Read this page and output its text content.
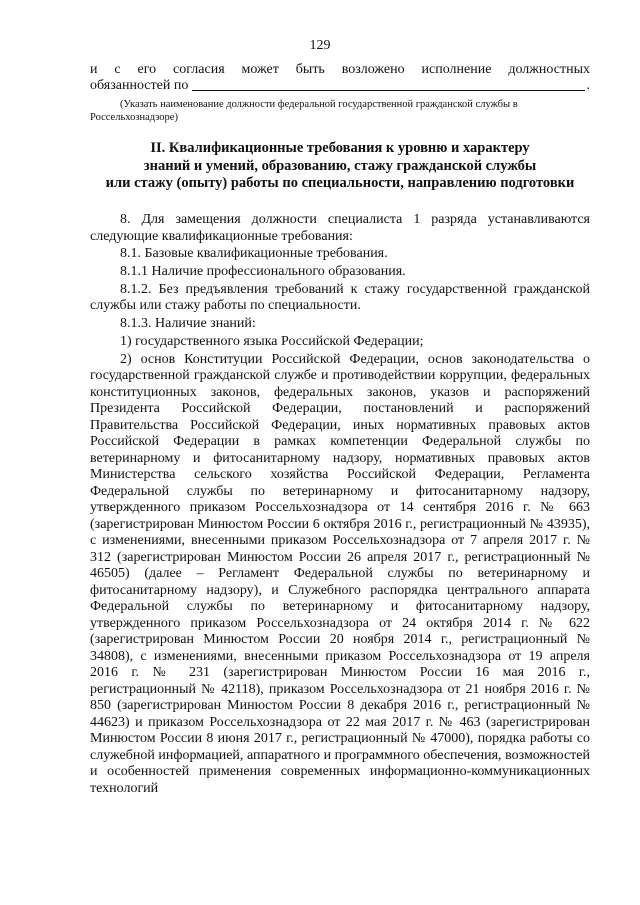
129
и с его согласия может быть возложено исполнение должностных
обязанностей по	.
(Указать наименование должности федеральной государственной гражданской службы в Россельхознадзоре)
II. Квалификационные требования к уровню и характеру
знаний и умений, образованию, стажу гражданской службы
или стажу (опыту) работы по специальности, направлению подготовки

8. Для замещения должности специалиста 1 разряда устанавливаются следующие квалификационные требования:

8.1. Базовые квалификационные требования.

8.1.1 Наличие профессионального образования.

8.1.2. Без предъявления требований к стажу государственной гражданской службы или стажу работы по специальности.

8.1.3. Наличие знаний:

1) государственного языка Российской Федерации;

2) основ Конституции Российской Федерации, основ законодательства о государственной гражданской службе и противодействии коррупции, федеральных конституционных законов, федеральных законов, указов и распоряжений Президента Российской Федерации, постановлений и распоряжений Правительства Российской Федерации, иных нормативных правовых актов Российской Федерации в рамках компетенции Федеральной службы по ветеринарному и фитосанитарному надзору, нормативных правовых актов Министерства сельского хозяйства Российской Федерации, Регламента Федеральной службы по ветеринарному и фитосанитарному надзору, утвержденного приказом Россельхознадзора от 14 сентября 2016 г. № 663 (зарегистрирован Минюстом России 6 октября 2016 г., регистрационный № 43935), с изменениями, внесенными приказом Россельхознадзора от 7 апреля 2017 г. № 312 (зарегистрирован Минюстом России 26 апреля 2017 г., регистрационный № 46505) (далее – Регламент Федеральной службы по ветеринарному и фитосанитарному надзору), и Служебного распорядка центрального аппарата Федеральной службы по ветеринарному и фитосанитарному надзору, утвержденного приказом Россельхознадзора от 24 октября 2014 г. № 622 (зарегистрирован Минюстом России 20 ноября 2014 г., регистрационный № 34808), с изменениями, внесенными приказом Россельхознадзора от 19 апреля 2016 г. № 231 (зарегистрирован Минюстом России 16 мая 2016 г., регистрационный № 42118), приказом Россельхознадзора от 21 ноября 2016 г. № 850 (зарегистрирован Минюстом России 8 декабря 2016 г., регистрационный № 44623) и приказом Россельхознадзора от 22 мая 2017 г. № 463 (зарегистрирован Минюстом России 8 июня 2017 г., регистрационный № 47000), порядка работы со служебной информацией, аппаратного и программного обеспечения, возможностей и особенностей применения современных информационно-коммуникационных технологий
